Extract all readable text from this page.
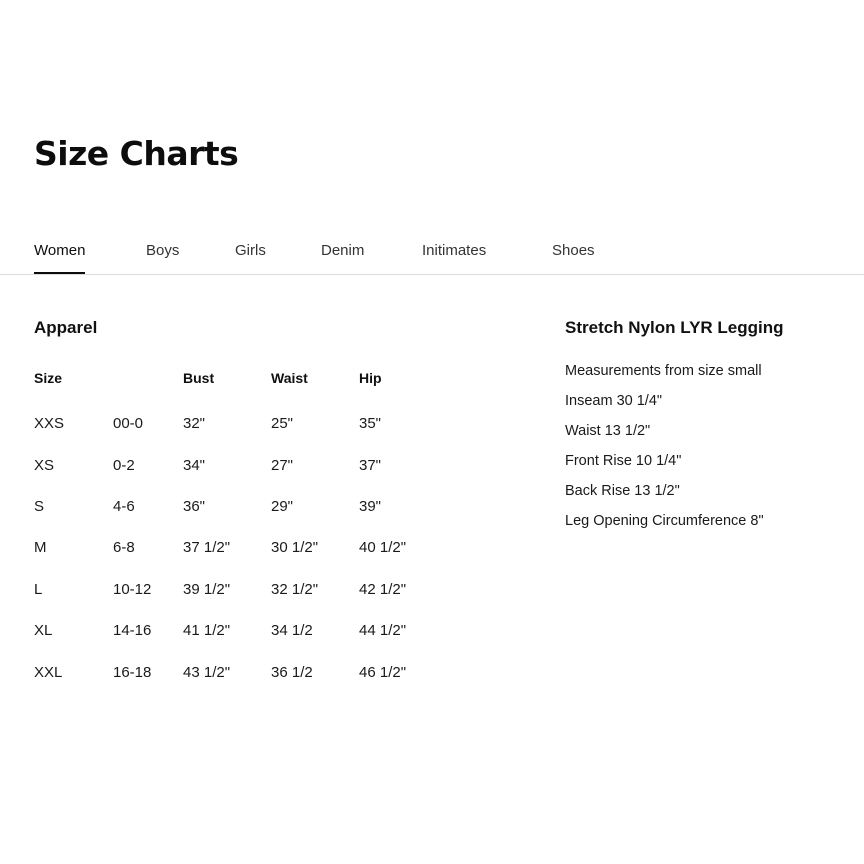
Size Charts
Women	Boys	Girls	Denim	Initimates	Shoes
Apparel
Size		Bust	Waist	Hip
XXS	00-0	32"	25"	35"
XS	0-2	34"	27"	37"
S	4-6	36"	29"	39"
M	6-8	37 1/2"	30 1/2"	40 1/2"
L	10-12	39 1/2"	32 1/2"	42 1/2"
XL	14-16	41 1/2"	34 1/2	44 1/2"
XXL	16-18	43 1/2"	36 1/2	46 1/2"
Stretch Nylon LYR Legging
Measurements from size small
Inseam 30 1/4"
Waist 13 1/2"
Front Rise 10 1/4"
Back Rise 13 1/2"
Leg Opening Circumference 8"
